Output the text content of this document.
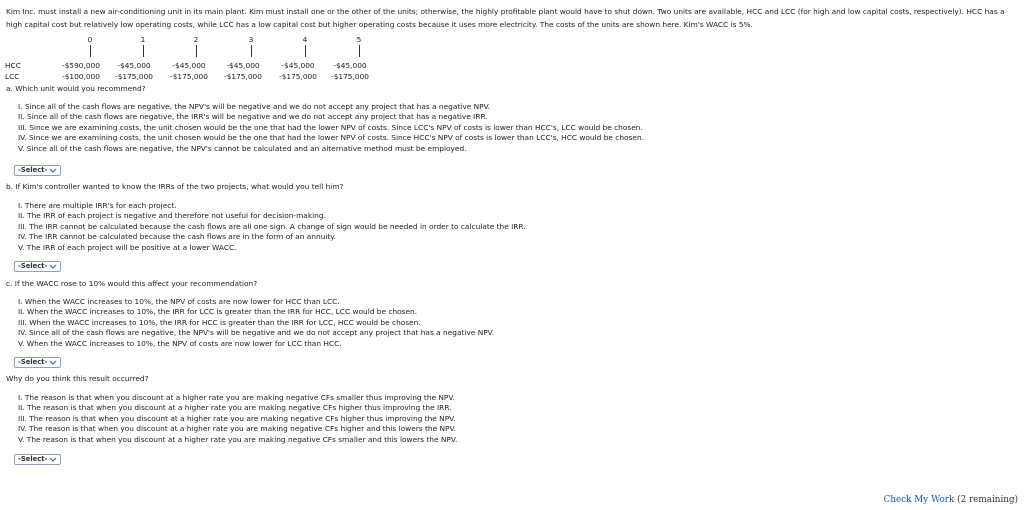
Kim Inc. must install a new air-conditioning unit in its main plant. Kim must install one or the other of the units; otherwise, the highly profitable plant would have to shut down. Two units are available, HCC and LCC (for high and low capital costs, respectively). HCC has a high capital cost but relatively low operating costs, while LCC has a low capital cost but higher operating costs because it uses more electricity. The costs of the units are shown here. Kim's WACC is 5%.
0	1	2	3	4	5
HCC	-$590,000	-$45,000	-$45,000	-$45,000	-$45,000	-$45,000
LCC	-$100,000	-$175,000	-$175,000	-$175,000	-$175,000	-$175,000
a. Which unit would you recommend?
I. Since all of the cash flows are negative, the NPV's will be negative and we do not accept any project that has a negative NPV.
II. Since all of the cash flows are negative, the IRR's will be negative and we do not accept any project that has a negative IRR.
III. Since we are examining costs, the unit chosen would be the one that had the lower NPV of costs. Since LCC's NPV of costs is lower than HCC's, LCC would be chosen.
IV. Since we are examining costs, the unit chosen would be the one that had the lower NPV of costs. Since HCC's NPV of costs is lower than LCC's, HCC would be chosen.
V. Since all of the cash flows are negative, the NPV's cannot be calculated and an alternative method must be employed.
-Select-
b. If Kim's controller wanted to know the IRRs of the two projects, what would you tell him?
I. There are multiple IRR's for each project.
II. The IRR of each project is negative and therefore not useful for decision-making.
III. The IRR cannot be calculated because the cash flows are all one sign. A change of sign would be needed in order to calculate the IRR.
IV. The IRR cannot be calculated because the cash flows are in the form of an annuity.
V. The IRR of each project will be positive at a lower WACC.
-Select-
c. If the WACC rose to 10% would this affect your recommendation?
I. When the WACC increases to 10%, the NPV of costs are now lower for HCC than LCC.
II. When the WACC increases to 10%, the IRR for LCC is greater than the IRR for HCC, LCC would be chosen.
III. When the WACC increases to 10%, the IRR for HCC is greater than the IRR for LCC, HCC would be chosen.
IV. Since all of the cash flows are negative, the NPV's will be negative and we do not accept any project that has a negative NPV.
V. When the WACC increases to 10%, the NPV of costs are now lower for LCC than HCC.
-Select-
Why do you think this result occurred?
I. The reason is that when you discount at a higher rate you are making negative CFs smaller thus improving the NPV.
II. The reason is that when you discount at a higher rate you are making negative CFs higher thus improving the IRR.
III. The reason is that when you discount at a higher rate you are making negative CFs higher thus improving the NPV.
IV. The reason is that when you discount at a higher rate you are making negative CFs higher and this lowers the NPV.
V. The reason is that when you discount at a higher rate you are making negative CFs smaller and this lowers the NPV.
-Select-
Check My Work (2 remaining)
